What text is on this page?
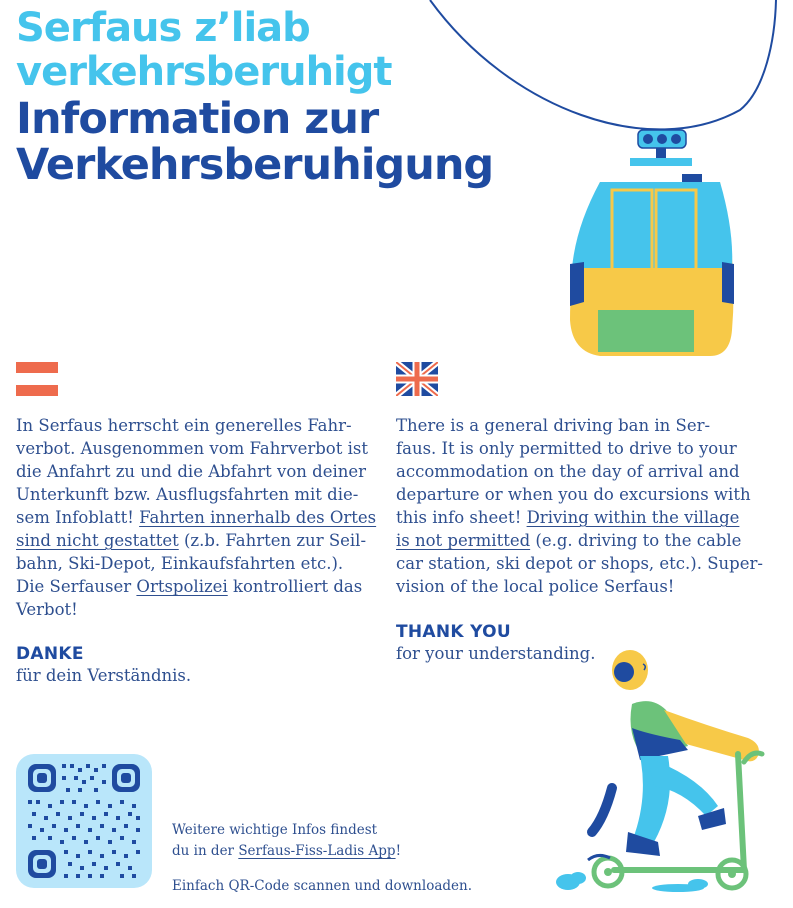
Serfaus z’liab
verkehrsberuhigt
Information zur
Verkehrsberuhigung

In Serfaus herrscht ein generelles Fahr-

verbot. Ausgenommen vom Fahrverbot ist

die Anfahrt zu und die Abfahrt von deiner

Unterkunft bzw. Ausflugsfahrten mit die-

sem Infoblatt! Fahrten innerhalb des Ortes

sind nicht gestattet (z.b. Fahrten zur Seil-

bahn, Ski-Depot, Einkaufsfahrten etc.).

Die Serfauser Ortspolizei kontrolliert das

Verbot!

DANKE
für dein Verständnis.

There is a general driving ban in Ser-

faus. It is only permitted to drive to your

accommodation on the day of arrival and

departure or when you do excursions with

this info sheet! Driving within the village

is not permitted (e.g. driving to the cable

car station, ski depot or shops, etc.). Super-

vision of the local police Serfaus!

THANK YOU
for your understanding.
Weitere wichtige Infos findest
du in der Serfaus-Fiss-Ladis App!
Einfach QR-Code scannen und downloaden.
